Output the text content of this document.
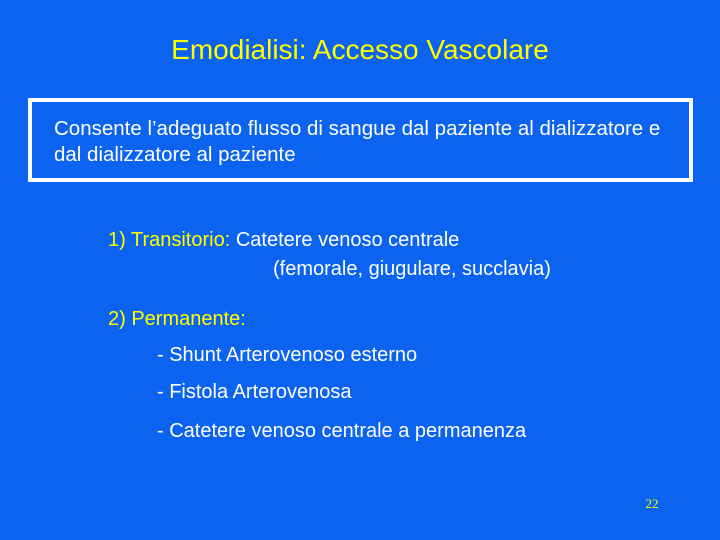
Emodialisi: Accesso Vascolare
Consente l’adeguato flusso di sangue dal paziente al dializzatore e dal dializzatore al paziente
1) Transitorio: Catetere venoso centrale
(femorale, giugulare, succlavia)
2) Permanente:
- Shunt Arterovenoso esterno
- Fistola Arterovenosa
- Catetere venoso centrale a permanenza
22
